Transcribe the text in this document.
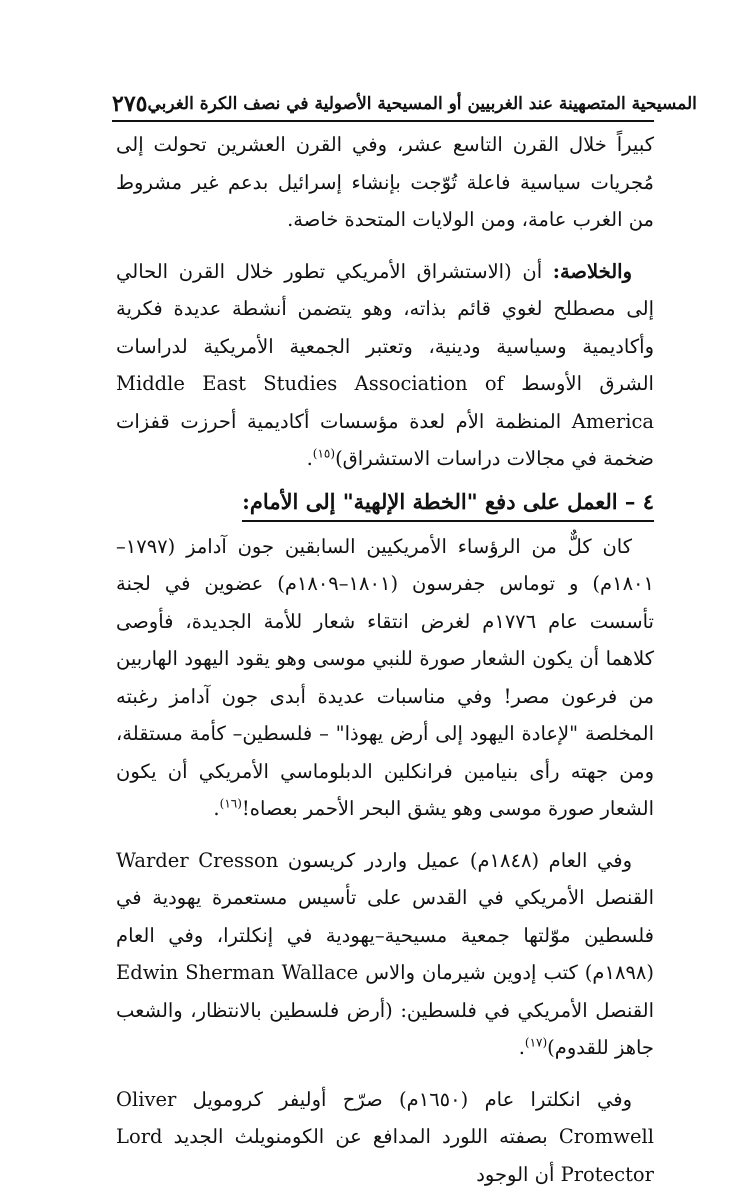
٢٧٥ المسيحية المتصهينة عند الغربيين أو المسيحية الأصولية في نصف الكرة الغربي

كبيراً خلال القرن التاسع عشر، وفي القرن العشرين تحولت إلى مُجريات سياسية فاعلة تُوّجت بإنشاء إسرائيل بدعم غير مشروط من الغرب عامة، ومن الولايات المتحدة خاصة.

والخلاصة: أن (الاستشراق الأمريكي تطور خلال القرن الحالي إلى مصطلح لغوي قائم بذاته، وهو يتضمن أنشطة عديدة فكرية وأكاديمية وسياسية ودينية، وتعتبر الجمعية الأمريكية لدراسات الشرق الأوسط Middle East Studies Association of America المنظمة الأم لعدة مؤسسات أكاديمية أحرزت قفزات ضخمة في مجالات دراسات الاستشراق)$^{(١٥)}$.

٤ – العمل على دفع "الخطة الإلهية" إلى الأمام:

كان كلٌّ من الرؤساء الأمريكيين السابقين جون آدامز (١٧٩٧–١٨٠١م) و توماس جفرسون (١٨٠١–١٨٠٩م) عضوين في لجنة تأسست عام ١٧٧٦م لغرض انتقاء شعار للأمة الجديدة، فأوصى كلاهما أن يكون الشعار صورة للنبي موسى وهو يقود اليهود الهاربين من فرعون مصر! وفي مناسبات عديدة أبدى جون آدامز رغبته المخلصة "لإعادة اليهود إلى أرض يهوذا" – فلسطين– كأمة مستقلة، ومن جهته رأى بنيامين فرانكلين الدبلوماسي الأمريكي أن يكون الشعار صورة موسى وهو يشق البحر الأحمر بعصاه!$^{(١٦)}$.

وفي العام (١٨٤٨م) عميل واردر كريسون Warder Cresson القنصل الأمريكي في القدس على تأسيس مستعمرة يهودية في فلسطين موّلتها جمعية مسيحية–يهودية في إنكلترا، وفي العام (١٨٩٨م) كتب إدوين شيرمان والاس Edwin Sherman Wallace القنصل الأمريكي في فلسطين: (أرض فلسطين بالانتظار، والشعب جاهز للقدوم)$^{(١٧)}$.

وفي انكلترا عام (١٦٥٠م) صرّح أوليفر كرومويل Oliver Cromwell بصفته اللورد المدافع عن الكومنويلث الجديد Lord Protector أن الوجود
